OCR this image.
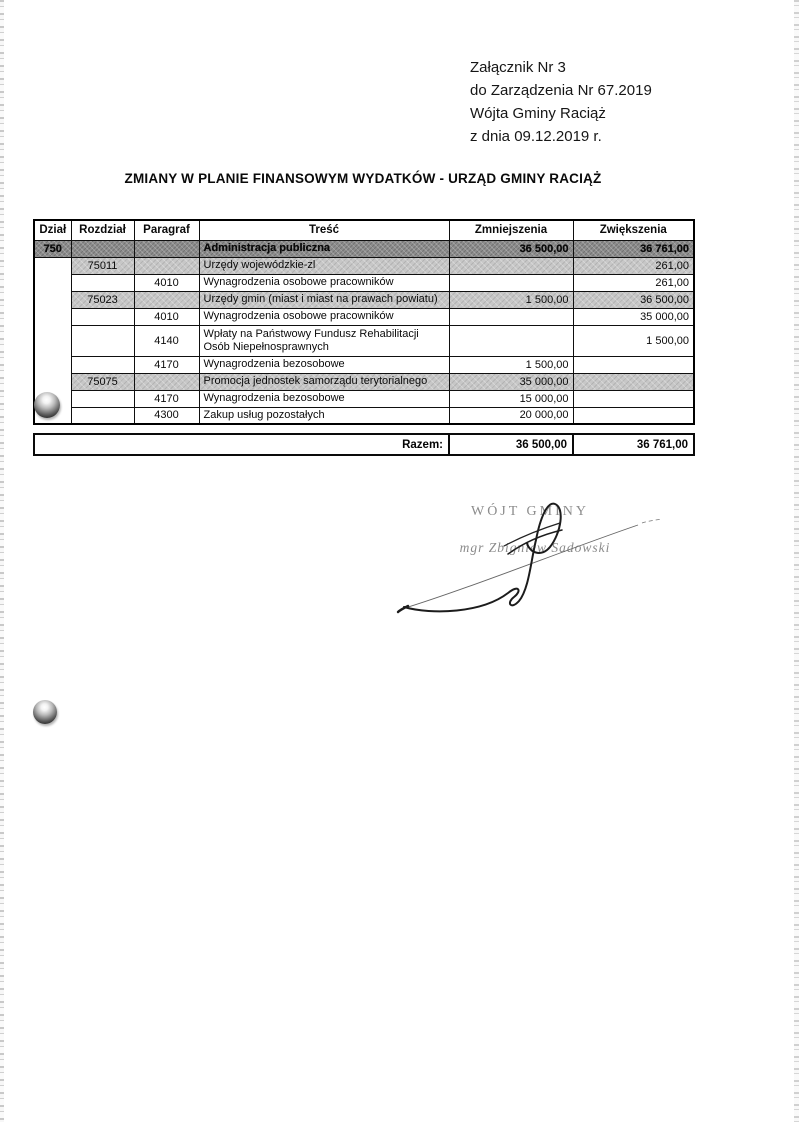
Załącznik Nr 3
do Zarządzenia Nr 67.2019
Wójta Gminy Raciąż
z dnia 09.12.2019 r.
ZMIANY W PLANIE FINANSOWYM WYDATKÓW - URZĄD GMINY RACIĄŻ
Dział	Rozdział	Paragraf	Treść	Zmniejszenia	Zwiększenia
750			Administracja publiczna	36 500,00	36 761,00
	75011		Urzędy wojewódzkie-zl		261,00
		4010	Wynagrodzenia osobowe pracowników		261,00
	75023		Urzędy gmin (miast i miast na prawach powiatu)	1 500,00	36 500,00
		4010	Wynagrodzenia osobowe pracowników		35 000,00
		4140	Wpłaty na Państwowy Fundusz Rehabilitacji Osób Niepełnosprawnych		1 500,00
		4170	Wynagrodzenia bezosobowe	1 500,00	
	75075		Promocja jednostek samorządu terytorialnego	35 000,00	
		4170	Wynagrodzenia bezosobowe	15 000,00	
		4300	Zakup usług pozostałych	20 000,00	
Razem:	36 500,00	36 761,00
WÓJT GMINY
mgr Zbigniew Sadowski
